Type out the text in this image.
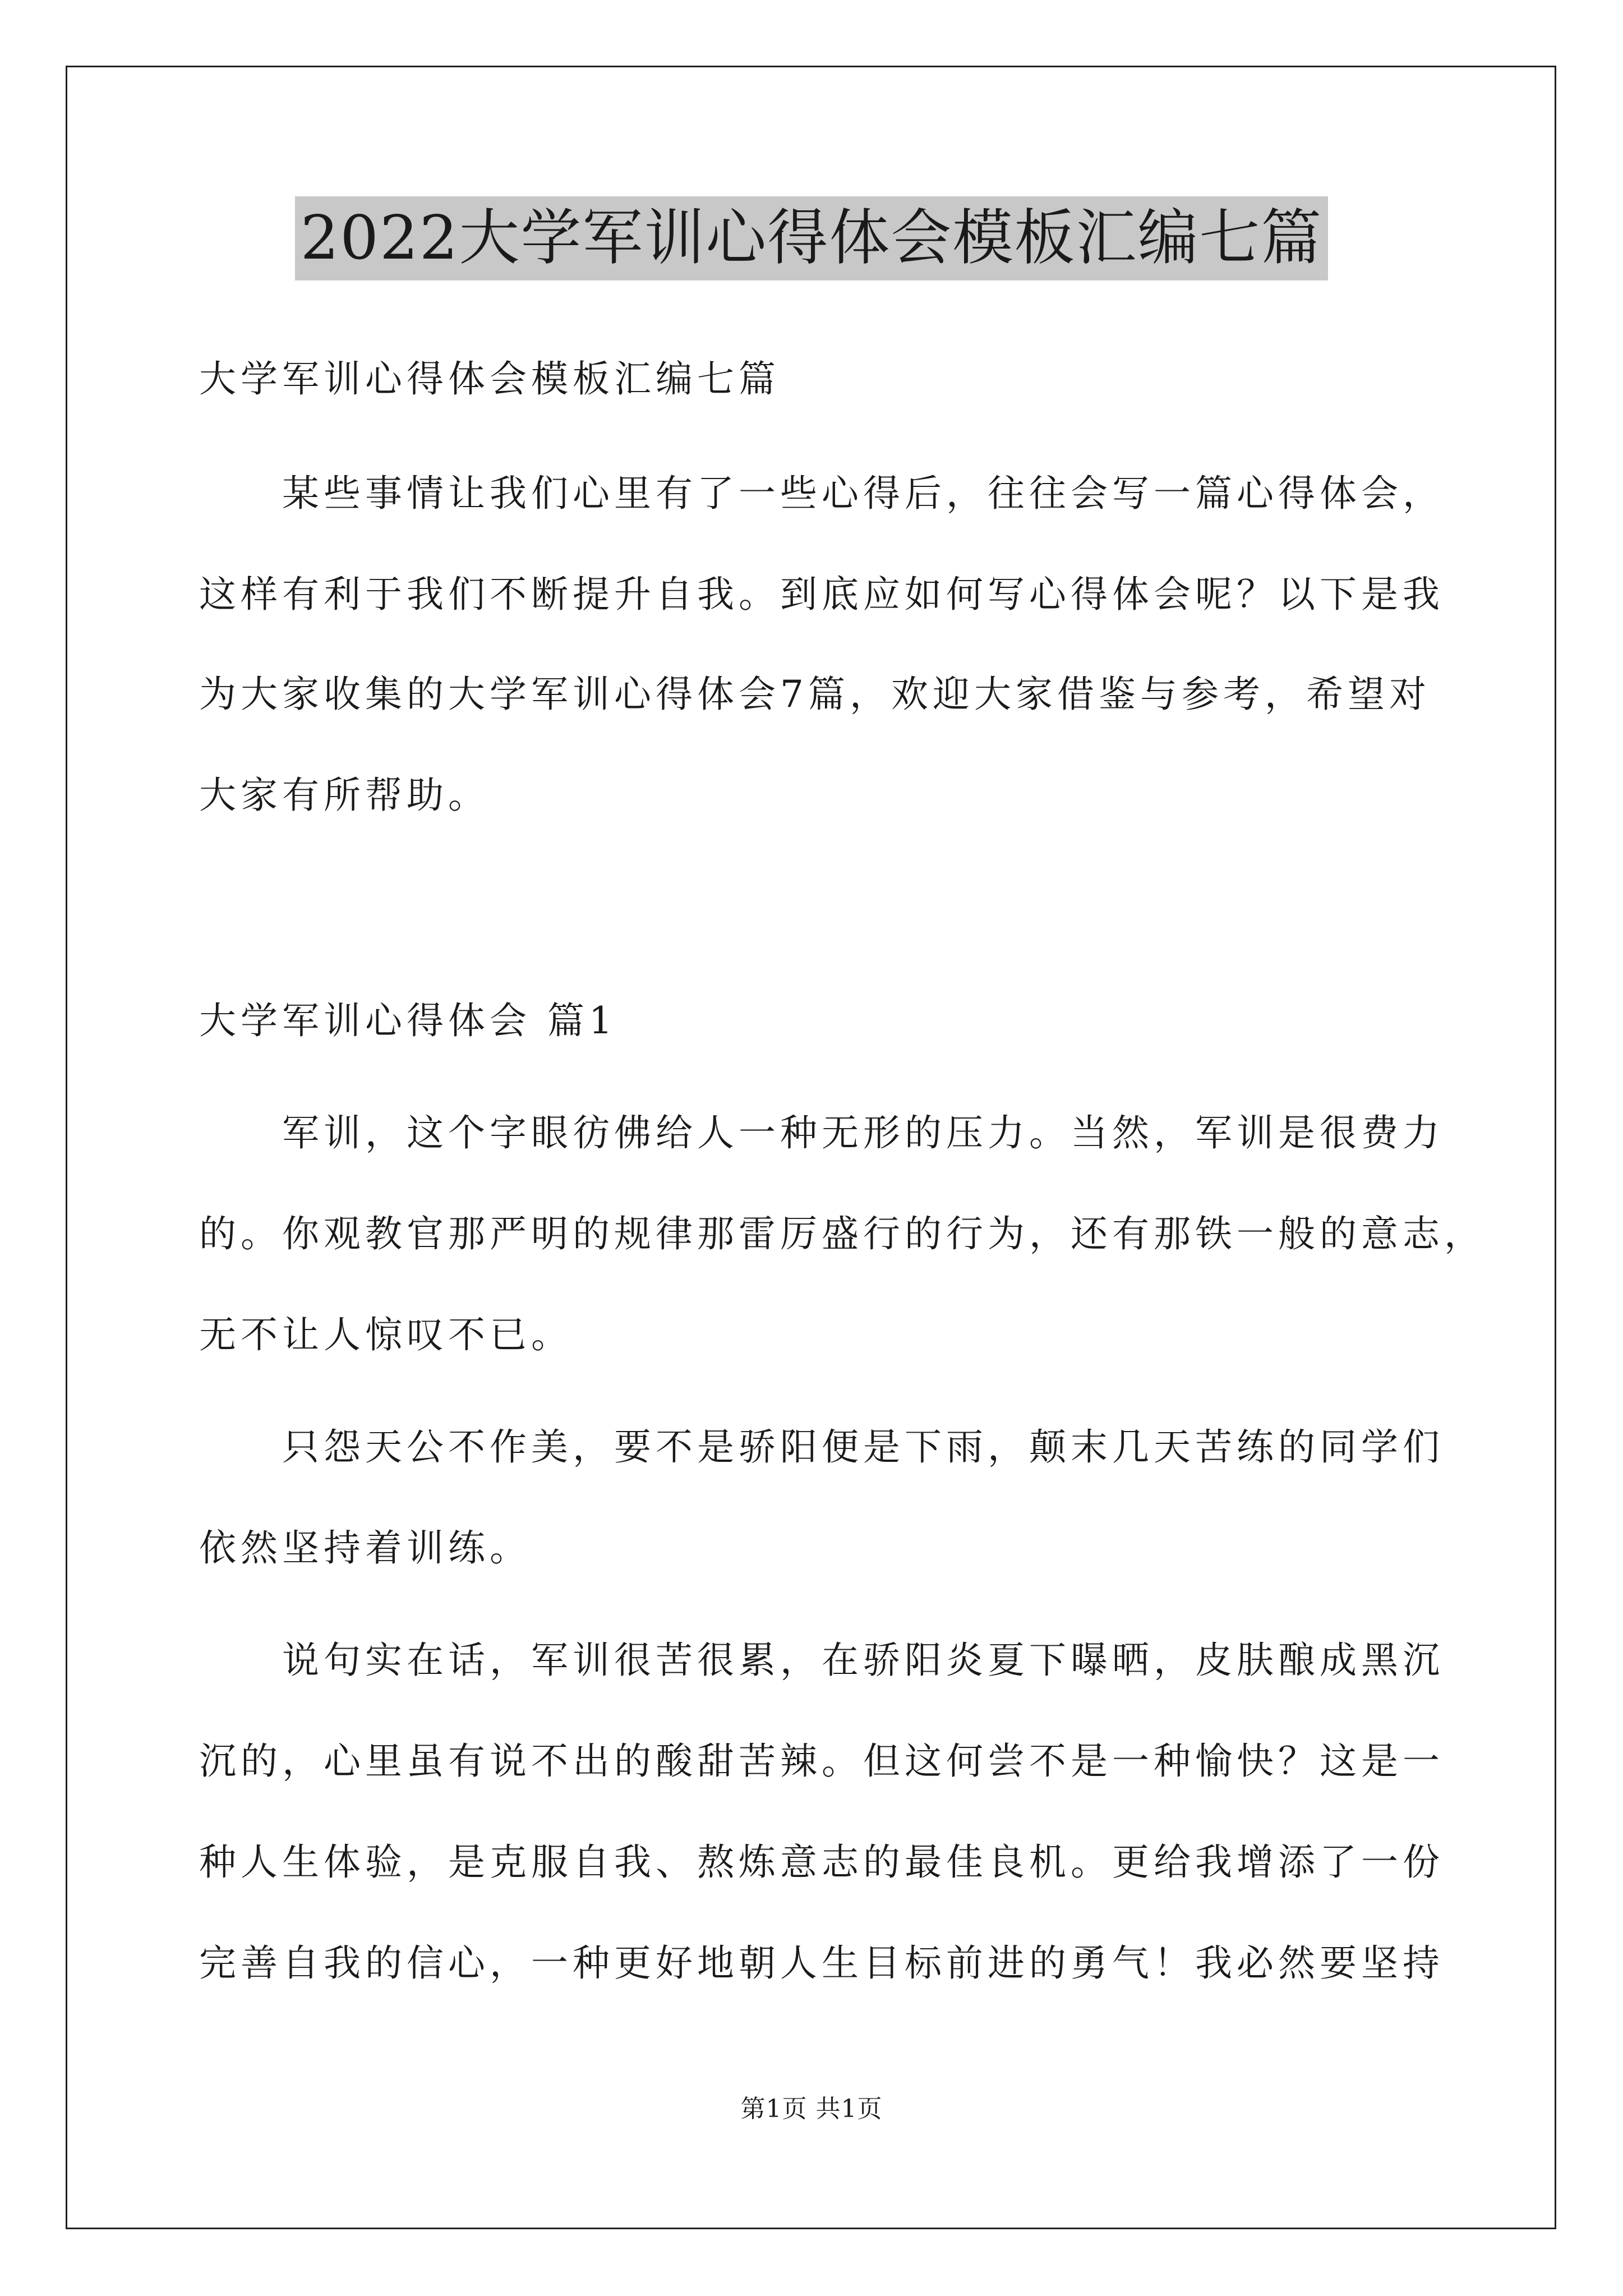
2022大学军训心得体会模板汇编七篇
大学军训心得体会模板汇编七篇
某些事情让我们心里有了一些心得后，往往会写一篇心得体会，
这样有利于我们不断提升自我。到底应如何写心得体会呢？以下是我
为大家收集的大学军训心得体会7篇，欢迎大家借鉴与参考，希望对
大家有所帮助。
大学军训心得体会 篇1
军训，这个字眼彷佛给人一种无形的压力。当然，军训是很费力
的。你观教官那严明的规律那雷厉盛行的行为，还有那铁一般的意志，
无不让人惊叹不已。
只怨天公不作美，要不是骄阳便是下雨，颠末几天苦练的同学们
依然坚持着训练。
说句实在话，军训很苦很累，在骄阳炎夏下曝晒，皮肤酿成黑沉
沉的，心里虽有说不出的酸甜苦辣。但这何尝不是一种愉快？这是一
种人生体验，是克服自我、熬炼意志的最佳良机。更给我增添了一份
完善自我的信心，一种更好地朝人生目标前进的勇气！我必然要坚持
第1页 共1页
